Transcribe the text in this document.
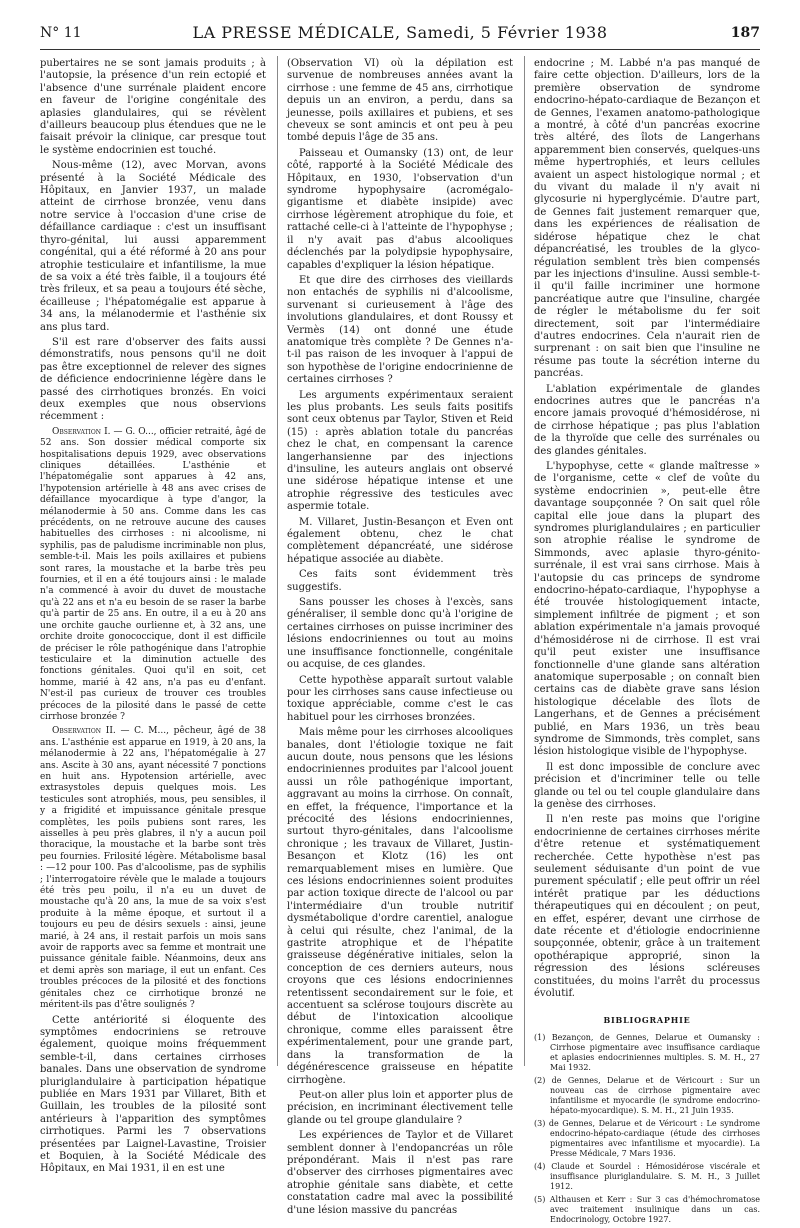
N° 11	LA PRESSE MÉDICALE, Samedi, 5 Février 1938	187

pubertaires ne se sont jamais produits ; à l'autopsie, la présence d'un rein ectopié et l'absence d'une surrénale plaident encore en faveur de l'origine congénitale des aplasies glandulaires, qui se révèlent d'ailleurs beaucoup plus étendues que ne le faisait prévoir la clinique, car presque tout le système endocrinien est touché.

Nous-même (12), avec Morvan, avons présenté à la Société Médicale des Hôpitaux, en Janvier 1937, un malade atteint de cirrhose bronzée, venu dans notre service à l'occasion d'une crise de défaillance cardiaque : c'est un insuffisant thyro-génital, lui aussi apparemment congénital, qui a été réformé à 20 ans pour atrophie testiculaire et infantilisme, la mue de sa voix a été très faible, il a toujours été très frileux, et sa peau a toujours été sèche, écailleuse ; l'hépatomégalie est apparue à 34 ans, la mélanodermie et l'asthénie six ans plus tard.

S'il est rare d'observer des faits aussi démonstratifs, nous pensons qu'il ne doit pas être exceptionnel de relever des signes de déficience endocrinienne légère dans le passé des cirrhotiques bronzés. En voici deux exemples que nous observions récemment :

Observation I. — G. O..., officier retraité, âgé de 52 ans. Son dossier médical comporte six hospitalisations depuis 1929, avec observations cliniques détaillées. L'asthénie et l'hépatomégalie sont apparues à 42 ans, l'hypotension artérielle à 48 ans avec crises de défaillance myocardique à type d'angor, la mélanodermie à 50 ans. Comme dans les cas précédents, on ne retrouve aucune des causes habituelles des cirrhoses : ni alcoolisme, ni syphilis, pas de paludisme incriminable non plus, semble-t-il. Mais les poils axillaires et pubiens sont rares, la moustache et la barbe très peu fournies, et il en a été toujours ainsi : le malade n'a commencé à avoir du duvet de moustache qu'à 22 ans et n'a eu besoin de se raser la barbe qu'à partir de 25 ans. En outre, il a eu à 20 ans une orchite gauche ourlienne et, à 32 ans, une orchite droite gonococcique, dont il est difficile de préciser le rôle pathogénique dans l'atrophie testiculaire et la diminution actuelle des fonctions génitales. Quoi qu'il en soit, cet homme, marié à 42 ans, n'a pas eu d'enfant. N'est-il pas curieux de trouver ces troubles précoces de la pilosité dans le passé de cette cirrhose bronzée ?

Observation II. — C. M..., pêcheur, âgé de 38 ans. L'asthénie est apparue en 1919, à 20 ans, la mélanodermie à 22 ans, l'hépatomégalie à 27 ans. Ascite à 30 ans, ayant nécessité 7 ponctions en huit ans. Hypotension artérielle, avec extrasystoles depuis quelques mois. Les testicules sont atrophiés, mous, peu sensibles, il y a frigidité et impuissance génitale presque complètes, les poils pubiens sont rares, les aisselles à peu près glabres, il n'y a aucun poil thoracique, la moustache et la barbe sont très peu fournies. Frilosité légère. Métabolisme basal : —12 pour 100. Pas d'alcoolisme, pas de syphilis ; l'interrogatoire révèle que le malade a toujours été très peu poilu, il n'a eu un duvet de moustache qu'à 20 ans, la mue de sa voix s'est produite à la même époque, et surtout il a toujours eu peu de désirs sexuels : ainsi, jeune marié, à 24 ans, il restait parfois un mois sans avoir de rapports avec sa femme et montrait une puissance génitale faible. Néanmoins, deux ans et demi après son mariage, il eut un enfant. Ces troubles précoces de la pilosité et des fonctions génitales chez ce cirrhotique bronzé ne méritent-ils pas d'être soulignés ?

Cette antériorité si éloquente des symptômes endocriniens se retrouve également, quoique moins fréquemment semble-t-il, dans certaines cirrhoses banales. Dans une observation de syndrome pluriglandulaire à participation hépatique publiée en Mars 1931 par Villaret, Bith et Guillain, les troubles de la pilosité sont antérieurs à l'apparition des symptômes cirrhotiques. Parmi les 7 observations présentées par Laignel-Lavastine, Troisier et Boquien, à la Société Médicale des Hôpitaux, en Mai 1931, il en est une

(Observation VI) où la dépilation est survenue de nombreuses années avant la cirrhose : une femme de 45 ans, cirrhotique depuis un an environ, a perdu, dans sa jeunesse, poils axillaires et pubiens, et ses cheveux se sont amincis et ont peu à peu tombé depuis l'âge de 35 ans.

Paisseau et Oumansky (13) ont, de leur côté, rapporté à la Société Médicale des Hôpitaux, en 1930, l'observation d'un syndrome hypophysaire (acromégalo-gigantisme et diabète insipide) avec cirrhose légèrement atrophique du foie, et rattaché celle-ci à l'atteinte de l'hypophyse ; il n'y avait pas d'abus alcooliques déclenchés par la polydipsie hypophysaire, capables d'expliquer la lésion hépatique.

Et que dire des cirrhoses des vieillards non entachés de syphilis ni d'alcoolisme, survenant si curieusement à l'âge des involutions glandulaires, et dont Roussy et Vermès (14) ont donné une étude anatomique très complète ? De Gennes n'a-t-il pas raison de les invoquer à l'appui de son hypothèse de l'origine endocrinienne de certaines cirrhoses ?

Les arguments expérimentaux seraient les plus probants. Les seuls faits positifs sont ceux obtenus par Taylor, Stiven et Reid (15) : après ablation totale du pancréas chez le chat, en compensant la carence langerhansienne par des injections d'insuline, les auteurs anglais ont observé une sidérose hépatique intense et une atrophie régressive des testicules avec aspermie totale.

M. Villaret, Justin-Besançon et Even ont également obtenu, chez le chat complètement dépancréaté, une sidérose hépatique associée au diabète.

Ces faits sont évidemment très suggestifs.

Sans pousser les choses à l'excès, sans généraliser, il semble donc qu'à l'origine de certaines cirrhoses on puisse incriminer des lésions endocriniennes ou tout au moins une insuffisance fonctionnelle, congénitale ou acquise, de ces glandes.

Cette hypothèse apparaît surtout valable pour les cirrhoses sans cause infectieuse ou toxique appréciable, comme c'est le cas habituel pour les cirrhoses bronzées.

Mais même pour les cirrhoses alcooliques banales, dont l'étiologie toxique ne fait aucun doute, nous pensons que les lésions endocriniennes produites par l'alcool jouent aussi un rôle pathogénique important, aggravant au moins la cirrhose. On connaît, en effet, la fréquence, l'importance et la précocité des lésions endocriniennes, surtout thyro-génitales, dans l'alcoolisme chronique ; les travaux de Villaret, Justin-Besançon et Klotz (16) les ont remarquablement mises en lumière. Que ces lésions endocriniennes soient produites par action toxique directe de l'alcool ou par l'intermédiaire d'un trouble nutritif dysmétabolique d'ordre carentiel, analogue à celui qui résulte, chez l'animal, de la gastrite atrophique et de l'hépatite graisseuse dégénérative initiales, selon la conception de ces derniers auteurs, nous croyons que ces lésions endocriniennes retentissent secondairement sur le foie, et accentuent sa sclérose toujours discrète au début de l'intoxication alcoolique chronique, comme elles paraissent être expérimentalement, pour une grande part, dans la transformation de la dégénérescence graisseuse en hépatite cirrhogène.

Peut-on aller plus loin et apporter plus de précision, en incriminant électivement telle glande ou tel groupe glandulaire ?

Les expériences de Taylor et de Villaret semblent donner à l'endopancréas un rôle prépondérant. Mais il n'est pas rare d'observer des cirrhoses pigmentaires avec atrophie génitale sans diabète, et cette constatation cadre mal avec la possibilité d'une lésion massive du pancréas

endocrine ; M. Labbé n'a pas manqué de faire cette objection. D'ailleurs, lors de la première observation de syndrome endocrino-hépato-cardiaque de Bezançon et de Gennes, l'examen anatomo-pathologique a montré, à côté d'un pancréas exocrine très altéré, des îlots de Langerhans apparemment bien conservés, quelques-uns même hypertrophiés, et leurs cellules avaient un aspect histologique normal ; et du vivant du malade il n'y avait ni glycosurie ni hyperglycémie. D'autre part, de Gennes fait justement remarquer que, dans les expériences de réalisation de sidérose hépatique chez le chat dépancréatisé, les troubles de la glyco-régulation semblent très bien compensés par les injections d'insuline. Aussi semble-t-il qu'il faille incriminer une hormone pancréatique autre que l'insuline, chargée de régler le métabolisme du fer soit directement, soit par l'intermédiaire d'autres endocrines. Cela n'aurait rien de surprenant : on sait bien que l'insuline ne résume pas toute la sécrétion interne du pancréas.

L'ablation expérimentale de glandes endocrines autres que le pancréas n'a encore jamais provoqué d'hémosidérose, ni de cirrhose hépatique ; pas plus l'ablation de la thyroïde que celle des surrénales ou des glandes génitales.

L'hypophyse, cette « glande maîtresse » de l'organisme, cette « clef de voûte du système endocrinien », peut-elle être davantage soupçonnée ? On sait quel rôle capital elle joue dans la plupart des syndromes pluriglandulaires ; en particulier son atrophie réalise le syndrome de Simmonds, avec aplasie thyro-génito-surrénale, il est vrai sans cirrhose. Mais à l'autopsie du cas princeps de syndrome endocrino-hépato-cardiaque, l'hypophyse a été trouvée histologiquement intacte, simplement infiltrée de pigment ; et son ablation expérimentale n'a jamais provoqué d'hémosidérose ni de cirrhose. Il est vrai qu'il peut exister une insuffisance fonctionnelle d'une glande sans altération anatomique superposable ; on connaît bien certains cas de diabète grave sans lésion histologique décelable des îlots de Langerhans, et de Gennes a précisément publié, en Mars 1936, un très beau syndrome de Simmonds, très complet, sans lésion histologique visible de l'hypophyse.

Il est donc impossible de conclure avec précision et d'incriminer telle ou telle glande ou tel ou tel couple glandulaire dans la genèse des cirrhoses.

Il n'en reste pas moins que l'origine endocrinienne de certaines cirrhoses mérite d'être retenue et systématiquement recherchée. Cette hypothèse n'est pas seulement séduisante d'un point de vue purement spéculatif ; elle peut offrir un réel intérêt pratique par les déductions thérapeutiques qui en découlent ; on peut, en effet, espérer, devant une cirrhose de date récente et d'étiologie endocrinienne soupçonnée, obtenir, grâce à un traitement opothérapique approprié, sinon la régression des lésions scléreuses constituées, du moins l'arrêt du processus évolutif.

BIBLIOGRAPHIE
(1) Bezançon, de Gennes, Delarue et Oumansky : Cirrhose pigmentaire avec insuffisance cardiaque et aplasies endocriniennes multiples. S. M. H., 27 Mai 1932.
(2) de Gennes, Delarue et de Véricourt : Sur un nouveau cas de cirrhose pigmentaire avec infantilisme et myocardie (le syndrome endocrino-hépato-myocardique). S. M. H., 21 Juin 1935.
(3) de Gennes, Delarue et de Véricourt : Le syndrome endocrino-hépato-cardiaque (étude des cirrhoses pigmentaires avec infantilisme et myocardie). La Presse Médicale, 7 Mars 1936.
(4) Claude et Sourdel : Hémosidérose viscérale et insuffisance pluriglandulaire. S. M. H., 3 Juillet 1912.
(5) Althausen et Kerr : Sur 3 cas d'hémochromatose avec traitement insulinique dans un cas. Endocrinology, Octobre 1927.
